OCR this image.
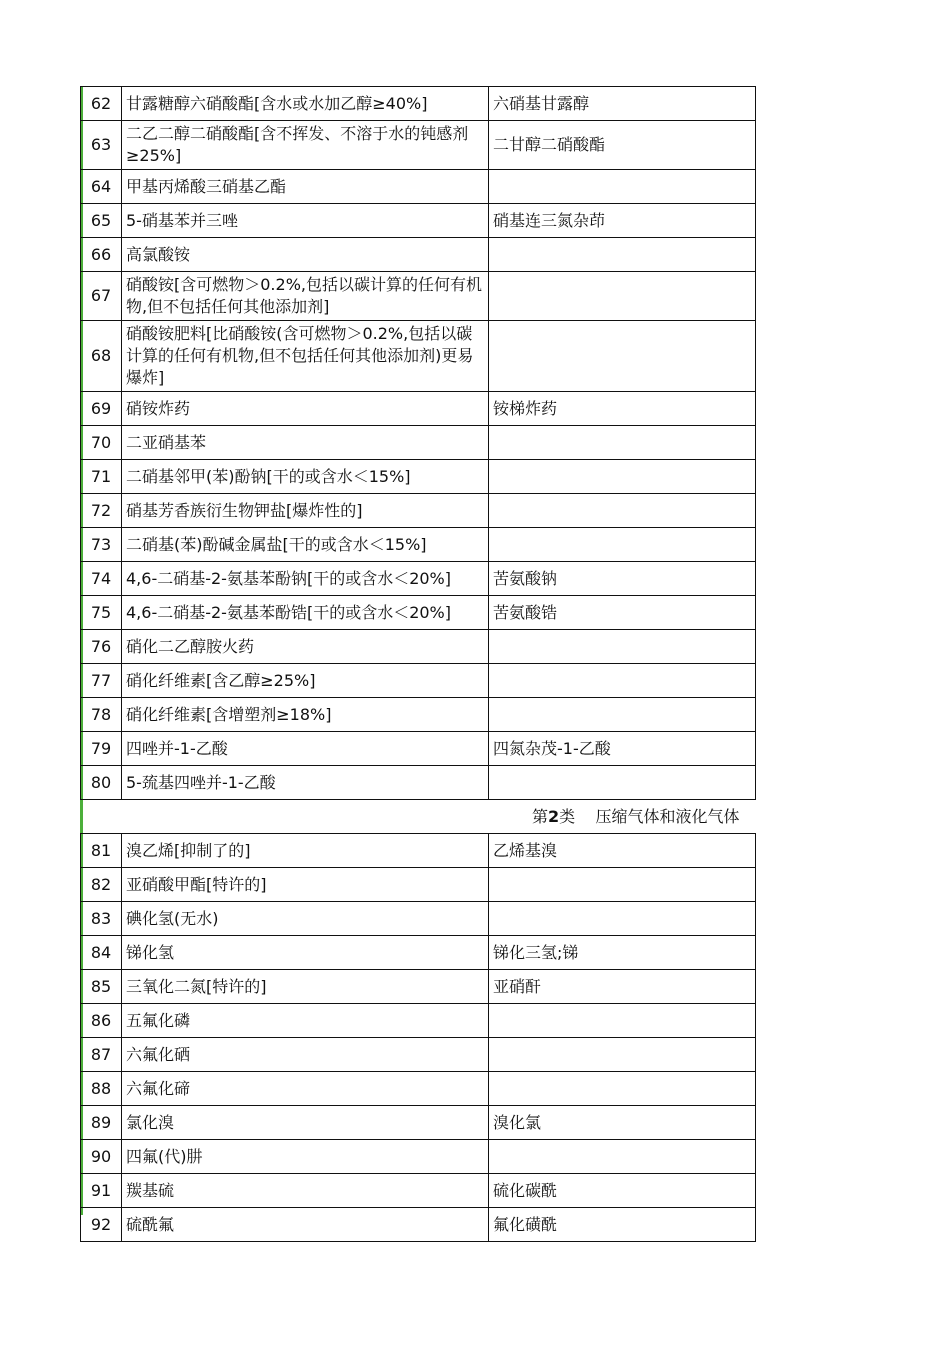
62	甘露糖醇六硝酸酯[含水或水加乙醇≥40%]	六硝基甘露醇
63	二乙二醇二硝酸酯[含不挥发、不溶于水的钝感剂≥25%]	二甘醇二硝酸酯
64	甲基丙烯酸三硝基乙酯	
65	5-硝基苯并三唑	硝基连三氮杂茚
66	高氯酸铵	
67	硝酸铵[含可燃物＞0.2%,包括以碳计算的任何有机物,但不包括任何其他添加剂]	
68	硝酸铵肥料[比硝酸铵(含可燃物＞0.2%,包括以碳计算的任何有机物,但不包括任何其他添加剂)更易爆炸]	
69	硝铵炸药	铵梯炸药
70	二亚硝基苯	
71	二硝基邻甲(苯)酚钠[干的或含水＜15%]	
72	硝基芳香族衍生物钾盐[爆炸性的]	
73	二硝基(苯)酚碱金属盐[干的或含水＜15%]	
74	4,6-二硝基-2-氨基苯酚钠[干的或含水＜20%]	苦氨酸钠
75	4,6-二硝基-2-氨基苯酚锆[干的或含水＜20%]	苦氨酸锆
76	硝化二乙醇胺火药	
77	硝化纤维素[含乙醇≥25%]	
78	硝化纤维素[含增塑剂≥18%]	
79	四唑并-1-乙酸	四氮杂茂-1-乙酸
80	5-巯基四唑并-1-乙酸	
第2类 压缩气体和液化气体		
81	溴乙烯[抑制了的]	乙烯基溴
82	亚硝酸甲酯[特许的]	
83	碘化氢(无水)	
84	锑化氢	锑化三氢;锑
85	三氧化二氮[特许的]	亚硝酐
86	五氟化磷	
87	六氟化硒	
88	六氟化碲	
89	氯化溴	溴化氯
90	四氟(代)肼	
91	羰基硫	硫化碳酰
92	硫酰氟	氟化磺酰
